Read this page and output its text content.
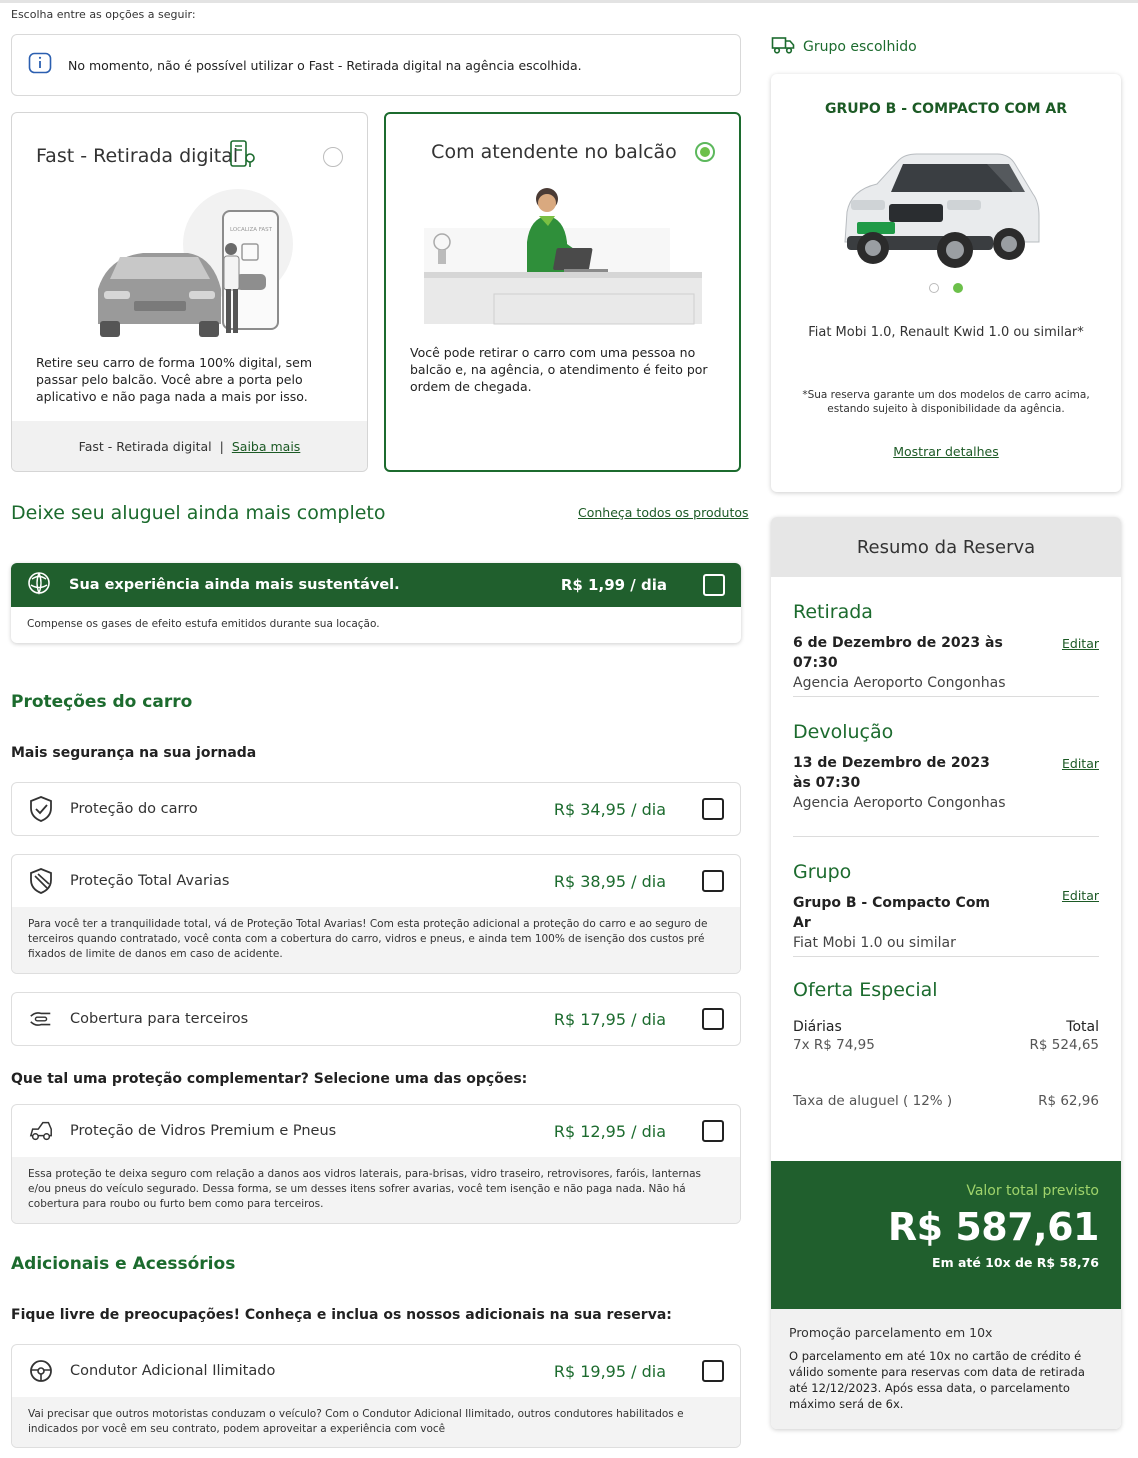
Escolha entre as opções a seguir:
No momento, não é possível utilizar o Fast - Retirada digital na agência escolhida.
Fast - Retirada digital
LOCALIZA FAST
Retire seu carro de forma 100% digital, sem passar pelo balcão. Você abre a porta pelo aplicativo e não paga nada a mais por isso.
Fast - Retirada digital | Saiba mais
Com atendente no balcão
Você pode retirar o carro com uma pessoa no balcão e, na agência, o atendimento é feito por ordem de chegada.
Deixe seu aluguel ainda mais completo	Conheça todos os produtos
Sua experiência ainda mais sustentável.	R$ 1,99 / dia
Compense os gases de efeito estufa emitidos durante sua locação.
Proteções do carro
Mais segurança na sua jornada
Proteção do carro	R$ 34,95 / dia
Proteção Total Avarias	R$ 38,95 / dia
Para você ter a tranquilidade total, vá de Proteção Total Avarias! Com esta proteção adicional a proteção do carro e ao seguro de terceiros quando contratado, você conta com a cobertura do carro, vidros e pneus, e ainda tem 100% de isenção dos custos pré fixados de limite de danos em caso de acidente.
Cobertura para terceiros	R$ 17,95 / dia
Que tal uma proteção complementar? Selecione uma das opções:
Proteção de Vidros Premium e Pneus	R$ 12,95 / dia
Essa proteção te deixa seguro com relação a danos aos vidros laterais, para-brisas, vidro traseiro, retrovisores, faróis, lanternas e/ou pneus do veículo segurado. Dessa forma, se um desses itens sofrer avarias, você tem isenção e não paga nada. Não há cobertura para roubo ou furto bem como para terceiros.
Adicionais e Acessórios
Fique livre de preocupações! Conheça e inclua os nossos adicionais na sua reserva:
Condutor Adicional Ilimitado	R$ 19,95 / dia
Vai precisar que outros motoristas conduzam o veículo? Com o Condutor Adicional Ilimitado, outros condutores habilitados e indicados por você em seu contrato, podem aproveitar a experiência com você
Grupo escolhido
GRUPO B - COMPACTO COM AR
Fiat Mobi 1.0, Renault Kwid 1.0 ou similar*
*Sua reserva garante um dos modelos de carro acima, estando sujeito à disponibilidade da agência.
Mostrar detalhes
Resumo da Reserva
Retirada
6 de Dezembro de 2023 às 07:30
Agencia Aeroporto Congonhas
Editar
Devolução
13 de Dezembro de 2023 às 07:30
Agencia Aeroporto Congonhas
Editar
Grupo
Grupo B - Compacto Com Ar
Fiat Mobi 1.0 ou similar
Editar
Oferta Especial
Diárias	Total
7x R$ 74,95	R$ 524,65
Taxa de aluguel ( 12% )	R$ 62,96
Valor total previsto
R$ 587,61
Em até 10x de R$ 58,76
Promoção parcelamento em 10x
O parcelamento em até 10x no cartão de crédito é válido somente para reservas com data de retirada até 12/12/2023. Após essa data, o parcelamento máximo será de 6x.
